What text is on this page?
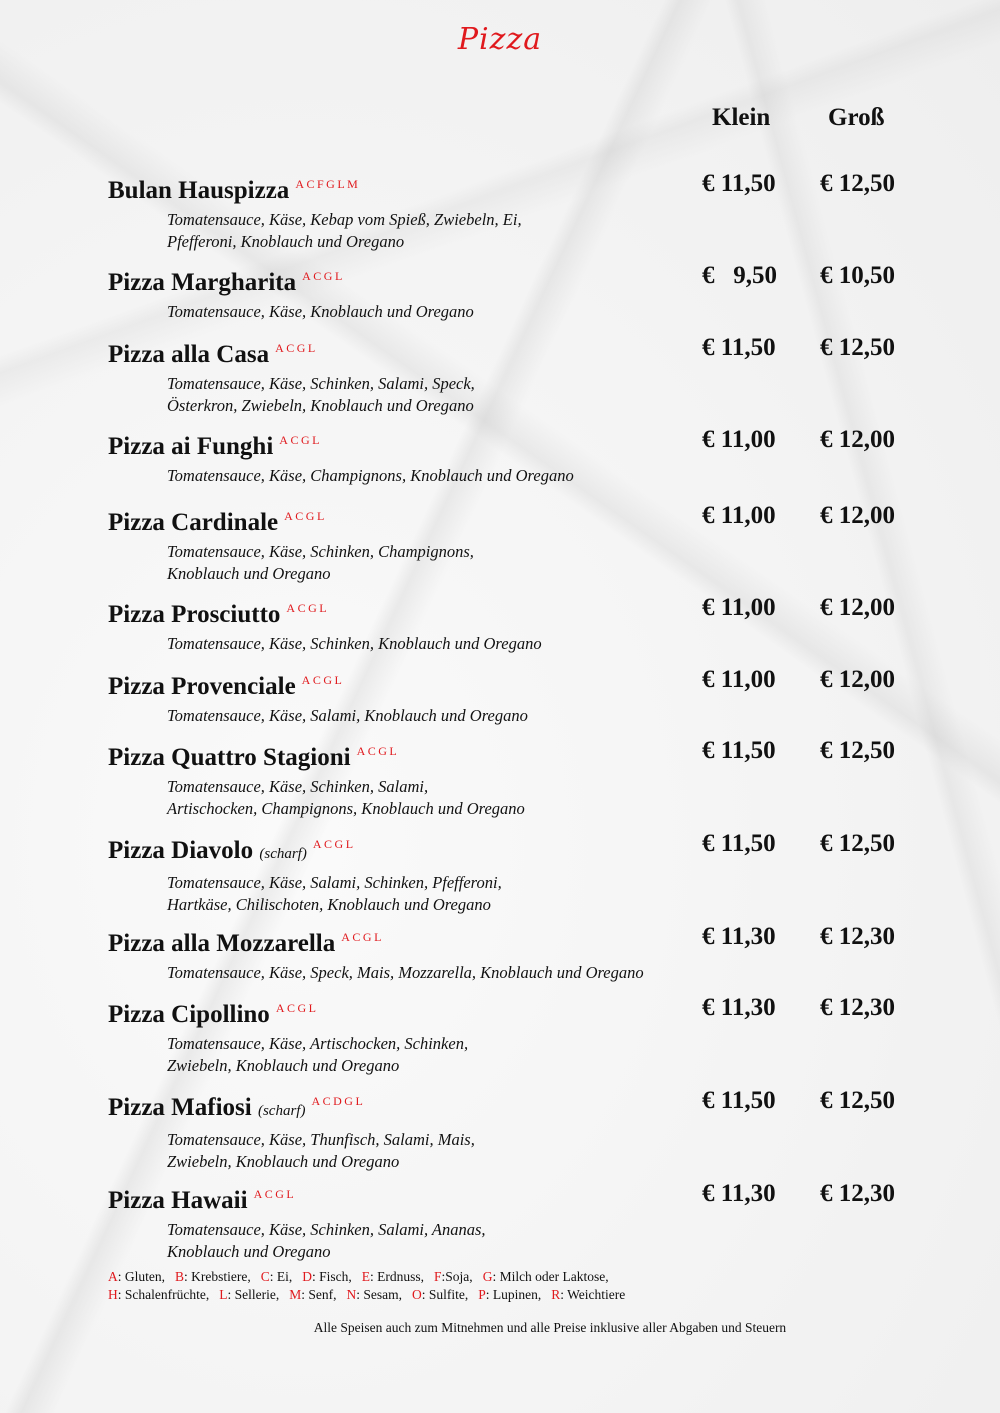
Pizza
Klein Groß
Bulan Hauspizza $^{ACFGLM}$
Tomatensauce, Käse, Kebap vom Spieß, Zwiebeln, Ei,
Pfefferoni, Knoblauch und Oregano
€ 11,50 € 12,50
Pizza Margharita $^{ACGL}$
Tomatensauce, Käse, Knoblauch und Oregano
€   9,50 € 10,50
Pizza alla Casa $^{ACGL}$
Tomatensauce, Käse, Schinken, Salami, Speck,
Österkron, Zwiebeln, Knoblauch und Oregano
€ 11,50 € 12,50
Pizza ai Funghi $^{ACGL}$
Tomatensauce, Käse, Champignons, Knoblauch und Oregano
€ 11,00 € 12,00
Pizza Cardinale $^{ACGL}$
Tomatensauce, Käse, Schinken, Champignons,
Knoblauch und Oregano
€ 11,00 € 12,00
Pizza Prosciutto $^{ACGL}$
Tomatensauce, Käse, Schinken, Knoblauch und Oregano
€ 11,00 € 12,00
Pizza Provenciale $^{ACGL}$
Tomatensauce, Käse, Salami, Knoblauch und Oregano
€ 11,00 € 12,00
Pizza Quattro Stagioni $^{ACGL}$
Tomatensauce, Käse, Schinken, Salami,
Artischocken, Champignons, Knoblauch und Oregano
€ 11,50 € 12,50
Pizza Diavolo (scharf)$^{ACGL}$
Tomatensauce, Käse, Salami, Schinken, Pfefferoni,
Hartkäse, Chilischoten, Knoblauch und Oregano
€ 11,50 € 12,50
Pizza alla Mozzarella $^{ACGL}$
Tomatensauce, Käse, Speck, Mais, Mozzarella, Knoblauch und Oregano
€ 11,30 € 12,30
Pizza Cipollino $^{ACGL}$
Tomatensauce, Käse, Artischocken, Schinken,
Zwiebeln, Knoblauch und Oregano
€ 11,30 € 12,30
Pizza Mafiosi (scharf)$^{ACDGL}$
Tomatensauce, Käse, Thunfisch, Salami, Mais,
Zwiebeln, Knoblauch und Oregano
€ 11,50 € 12,50
Pizza Hawaii $^{ACGL}$
Tomatensauce, Käse, Schinken, Salami, Ananas,
Knoblauch und Oregano
€ 11,30 € 12,30
A: Gluten, B: Krebstiere, C: Ei, D: Fisch, E: Erdnuss, F:Soja, G: Milch oder Laktose,
H: Schalenfrüchte, L: Sellerie, M: Senf, N: Sesam, O: Sulfite, P: Lupinen, R: Weichtiere
Alle Speisen auch zum Mitnehmen und alle Preise inklusive aller Abgaben und Steuern
